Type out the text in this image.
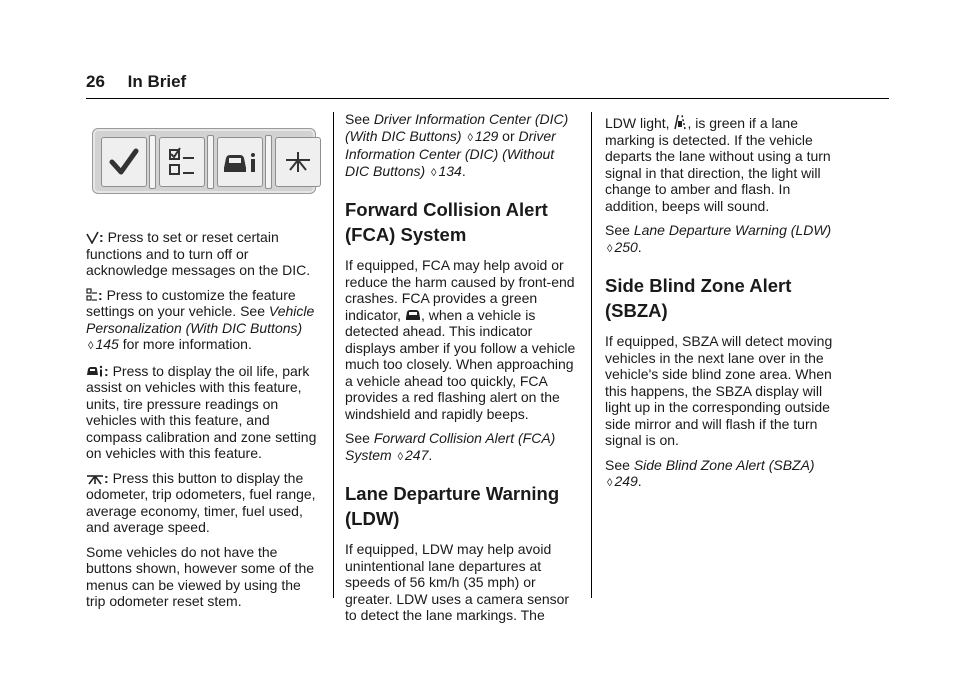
26 In Brief

: Press to set or reset certain functions and to turn off or acknowledge messages on the DIC.

: Press to customize the feature settings on your vehicle. See Vehicle Personalization (With DIC Buttons) ◊ 145 for more information.

: Press to display the oil life, park assist on vehicles with this feature, units, tire pressure readings on vehicles with this feature, and compass calibration and zone setting on vehicles with this feature.

: Press this button to display the odometer, trip odometers, fuel range, average economy, timer, fuel used, and average speed.

Some vehicles do not have the buttons shown, however some of the menus can be viewed by using the trip odometer reset stem.

See Driver Information Center (DIC) (With DIC Buttons) ◊ 129 or Driver Information Center (DIC) (Without DIC Buttons) ◊ 134.

Forward Collision Alert (FCA) System

If equipped, FCA may help avoid or reduce the harm caused by front-end crashes. FCA provides a green indicator, , when a vehicle is detected ahead. This indicator displays amber if you follow a vehicle much too closely. When approaching a vehicle ahead too quickly, FCA provides a red flashing alert on the windshield and rapidly beeps.

See Forward Collision Alert (FCA) System ◊ 247.

Lane Departure Warning (LDW)

If equipped, LDW may help avoid unintentional lane departures at speeds of 56 km/h (35 mph) or greater. LDW uses a camera sensor to detect the lane markings. The

LDW light, , is green if a lane marking is detected. If the vehicle departs the lane without using a turn signal in that direction, the light will change to amber and flash. In addition, beeps will sound.

See Lane Departure Warning (LDW) ◊ 250.

Side Blind Zone Alert (SBZA)

If equipped, SBZA will detect moving vehicles in the next lane over in the vehicle's side blind zone area. When this happens, the SBZA display will light up in the corresponding outside side mirror and will flash if the turn signal is on.

See Side Blind Zone Alert (SBZA) ◊ 249.
